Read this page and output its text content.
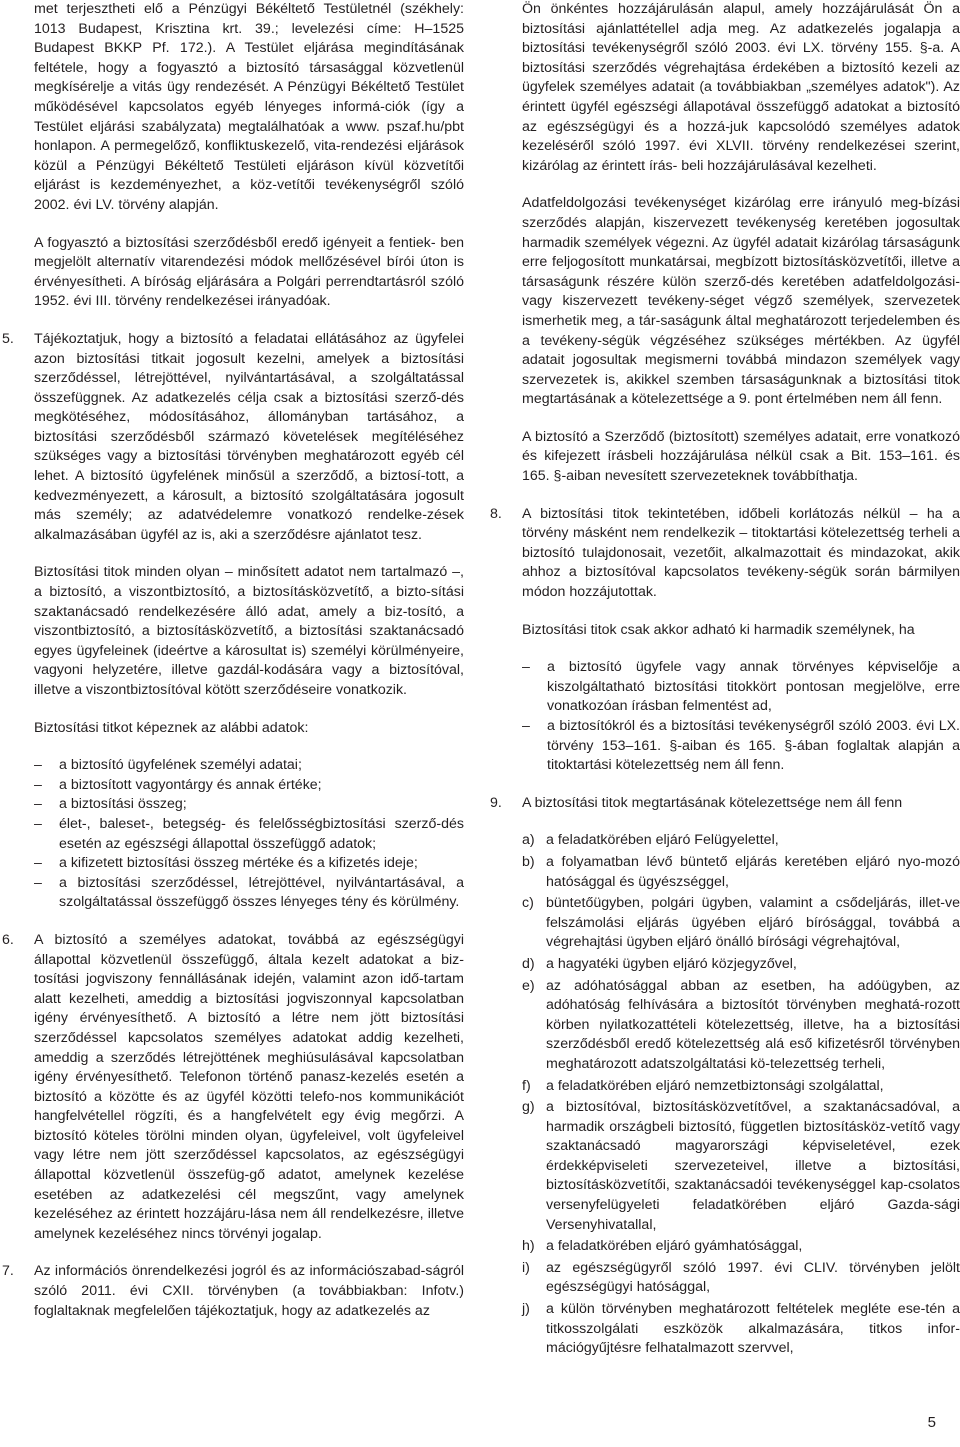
met terjesztheti elő a Pénzügyi Békéltető Testületnél (székhely: 1013 Budapest, Krisztina krt. 39.; levelezési címe: H–1525 Budapest BKKP Pf. 172.). A Testület eljárása megindításának feltétele, hogy a fogyasztó a biztosító társasággal közvetlenül megkísérelje a vitás ügy rendezését. A Pénzügyi Békéltető Testület működésével kapcsolatos egyéb lényeges informá-ciók (így a Testület eljárási szabályzata) megtalálhatóak a www. pszaf.hu/pbt honlapon. A permegelőző, konfliktuskezelő, vita-rendezési eljárások közül a Pénzügyi Békéltető Testületi eljáráson kívül közvetítői eljárást is kezdeményezhet, a köz-vetítői tevékenységről szóló 2002. évi LV. törvény alapján.

A fogyasztó a biztosítási szerződésből eredő igényeit a fentiek- ben megjelölt alternatív vitarendezési módok mellőzésével bírói úton is érvényesítheti. A bíróság eljárására a Polgári perrendtartásról szóló 1952. évi III. törvény rendelkezései irányadóak.

5. Tájékoztatjuk, hogy a biztosító a feladatai ellátásához az ügyfelei azon biztosítási titkait jogosult kezelni, amelyek a biztosítási szerződéssel, létrejöttével, nyilvántartásával, a szolgáltatással összefüggnek. Az adatkezelés célja csak a biztosítási szerző-dés megkötéséhez, módosításához, állományban tartásához, a biztosítási szerződésből származó követelések megítéléséhez szükséges vagy a biztosítási törvényben meghatározott egyéb cél lehet. A biztosító ügyfelének minősül a szerződő, a biztosí-tott, a kedvezményezett, a károsult, a biztosító szolgáltatására jogosult más személy; az adatvédelemre vonatkozó rendelke-zések alkalmazásában ügyfél az is, aki a szerződésre ajánlatot tesz.

Biztosítási titok minden olyan – minősített adatot nem tartalmazó –, a biztosító, a viszontbiztosító, a biztosításközvetítő, a bizto-sítási szaktanácsadó rendelkezésére álló adat, amely a biz-tosító, a viszontbiztosító, a biztosításközvetítő, a biztosítási szaktanácsadó egyes ügyfeleinek (ideértve a károsultat is) személyi körülményeire, vagyoni helyzetére, illetve gazdál-kodására vagy a biztosítóval, illetve a viszontbiztosítóval kötött szerződéseire vonatkozik.

Biztosítási titkot képeznek az alábbi adatok:

– a biztosító ügyfelének személyi adatai;
– a biztosított vagyontárgy és annak értéke;
– a biztosítási összeg;
– élet-, baleset-, betegség- és felelősségbiztosítási szerző-dés esetén az egészségi állapottal összefüggő adatok;
– a kifizetett biztosítási összeg mértéke és a kifizetés ideje;
– a biztosítási szerződéssel, létrejöttével, nyilvántartásával, a szolgáltatással összefüggő összes lényeges tény és körülmény.
6. A biztosító a személyes adatokat, továbbá az egészségügyi állapottal közvetlenül összefüggő, általa kezelt adatokat a biz-tosítási jogviszony fennállásának idején, valamint azon idő-tartam alatt kezelheti, ameddig a biztosítási jogviszonnyal kapcsolatban igény érvényesíthető. A biztosító a létre nem jött biztosítási szerződéssel kapcsolatos személyes adatokat addig kezelheti, ameddig a szerződés létrejöttének meghiúsulásával kapcsolatban igény érvényesíthető. Telefonon történő panasz-kezelés esetén a biztosító a közötte és az ügyfél közötti telefo-nos kommunikációt hangfelvétellel rögzíti, és a hangfelvételt egy évig megőrzi. A biztosító köteles törölni minden olyan, ügyfeleivel, volt ügyfeleivel vagy létre nem jött szerződéssel kapcsolatos, az egészségügyi állapottal közvetlenül összefüg-gő adatot, amelynek kezelése esetében az adatkezelési cél megszűnt, vagy amelynek kezeléséhez az érintett hozzájáru-lása nem áll rendelkezésre, illetve amelynek kezeléséhez nincs törvényi jogalap.

7. Az információs önrendelkezési jogról és az információszabad-ságról szóló 2011. évi CXII. törvényben (a továbbiakban: Infotv.) foglaltaknak megfelelően tájékoztatjuk, hogy az adatkezelés az

Ön önkéntes hozzájárulásán alapul, amely hozzájárulását Ön a biztosítási ajánlattétellel adja meg. Az adatkezelés jogalapja a biztosítási tevékenységről szóló 2003. évi LX. törvény 155. §-a. A biztosítási szerződés végrehajtása érdekében a biztosító kezeli az ügyfelek személyes adatait (a továbbiakban „személyes adatok"). Az érintett ügyfél egészségi állapotával összefüggő adatokat a biztosító az egészségügyi és a hozzá-juk kapcsolódó személyes adatok kezeléséről szóló 1997. évi XLVII. törvény rendelkezései szerint, kizárólag az érintett írás- beli hozzájárulásával kezelheti.

Adatfeldolgozási tevékenységet kizárólag erre irányuló meg-bízási szerződés alapján, kiszervezett tevékenység keretében jogosultak harmadik személyek végezni. Az ügyfél adatait kizárólag társaságunk erre feljogosított munkatársai, megbízott biztosításközvetítői, illetve a társaságunk részére külön szerző-dés keretében adatfeldolgozási- vagy kiszervezett tevékeny-séget végző személyek, szervezetek ismerhetik meg, a tár-saságunk által meghatározott terjedelemben és a tevékeny-ségük végzéséhez szükséges mértékben. Az ügyfél adatait jogosultak megismerni továbbá mindazon személyek vagy szervezetek is, akikkel szemben társaságunknak a biztosítási titok megtartásának a kötelezettsége a 9. pont értelmében nem áll fenn.

A biztosító a Szerződő (biztosított) személyes adatait, erre vonatkozó és kifejezett írásbeli hozzájárulása nélkül csak a Bit. 153–161. és 165. §-aiban nevesített szervezeteknek továbbíthatja.

8. A biztosítási titok tekintetében, időbeli korlátozás nélkül – ha a törvény másként nem rendelkezik – titoktartási kötelezettség terheli a biztosító tulajdonosait, vezetőit, alkalmazottait és mindazokat, akik ahhoz a biztosítóval kapcsolatos tevékeny-ségük során bármilyen módon hozzájutottak.

Biztosítási titok csak akkor adható ki harmadik személynek, ha

– a biztosító ügyfele vagy annak törvényes képviselője a kiszolgáltatható biztosítási titokkört pontosan megjelölve, erre vonatkozóan írásban felmentést ad,
– a biztosítókról és a biztosítási tevékenységről szóló 2003. évi LX. törvény 153–161. §-aiban és 165. §-ában foglaltak alapján a titoktartási kötelezettség nem áll fenn.
9. A biztosítási titok megtartásának kötelezettsége nem áll fenn

a) a feladatkörében eljáró Felügyelettel,
b) a folyamatban lévő büntető eljárás keretében eljáró nyo-mozó hatósággal és ügyészséggel,
c) büntetőügyben, polgári ügyben, valamint a csődeljárás, illet-ve felszámolási eljárás ügyében eljáró bírósággal, továbbá a végrehajtási ügyben eljáró önálló bírósági végrehajtóval,
d) a hagyatéki ügyben eljáró közjegyzővel,
e) az adóhatósággal abban az esetben, ha adóügyben, az adóhatóság felhívására a biztosítót törvényben meghatá-rozott körben nyilatkozattételi kötelezettség, illetve, ha a biztosítási szerződésből eredő kötelezettség alá eső kifizetésről törvényben meghatározott adatszolgáltatási kö-telezettség terheli,
f) a feladatkörében eljáró nemzetbiztonsági szolgálattal,
g) a biztosítóval, biztosításközvetítővel, a szaktanácsadóval, a harmadik országbeli biztosító, független biztosításköz-vetítő vagy szaktanácsadó magyarországi képviseletével, ezek érdekképviseleti szervezeteivel, illetve a biztosítási, biztosításközvetítői, szaktanácsadói tevékenységgel kap-csolatos versenyfelügyeleti feladatkörében eljáró Gazda-sági Versenyhivatallal,
h) a feladatkörében eljáró gyámhatósággal,
i) az egészségügyről szóló 1997. évi CLIV. törvényben jelölt egészségügyi hatósággal,
j) a külön törvényben meghatározott feltételek megléte ese-tén a titkosszolgálati eszközök alkalmazására, titkos infor-mációgyűjtésre felhatalmazott szervvel,
5
